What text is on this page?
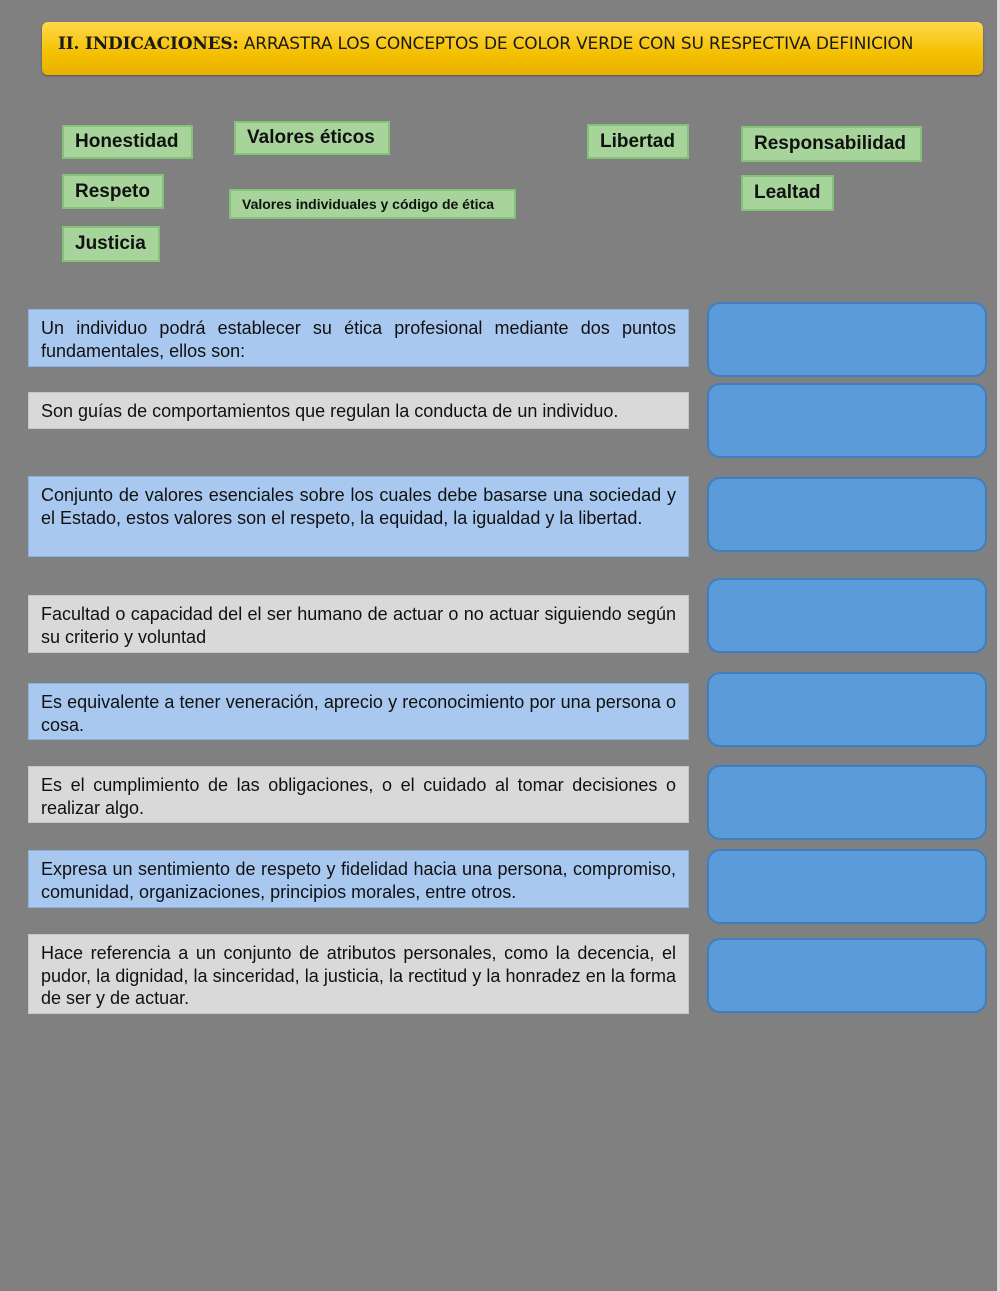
II. INDICACIONES: ARRASTRA LOS CONCEPTOS DE COLOR VERDE CON SU RESPECTIVA DEFINICION
Honestidad	Valores éticos	Libertad	Responsabilidad
Respeto
Valores individuales y código de ética
Lealtad
Justicia
Un individuo podrá establecer su ética profesional mediante dos puntos fundamentales, ellos son:
Son guías de comportamientos que regulan la conducta de un individuo.
Conjunto de valores esenciales sobre los cuales debe basarse una sociedad y el Estado, estos valores son el respeto, la equidad, la igualdad y la libertad.
Facultad o capacidad del el ser humano de actuar o no actuar siguiendo según su criterio y voluntad
Es equivalente a tener veneración, aprecio y reconocimiento por una persona o cosa.
Es el cumplimiento de las obligaciones, o el cuidado al tomar decisiones o realizar algo.
Expresa un sentimiento de respeto y fidelidad hacia una persona, compromiso, comunidad, organizaciones, principios morales, entre otros.
Hace referencia a un conjunto de atributos personales, como la decencia, el pudor, la dignidad, la sinceridad, la justicia, la rectitud y la honradez en la forma de ser y de actuar.
